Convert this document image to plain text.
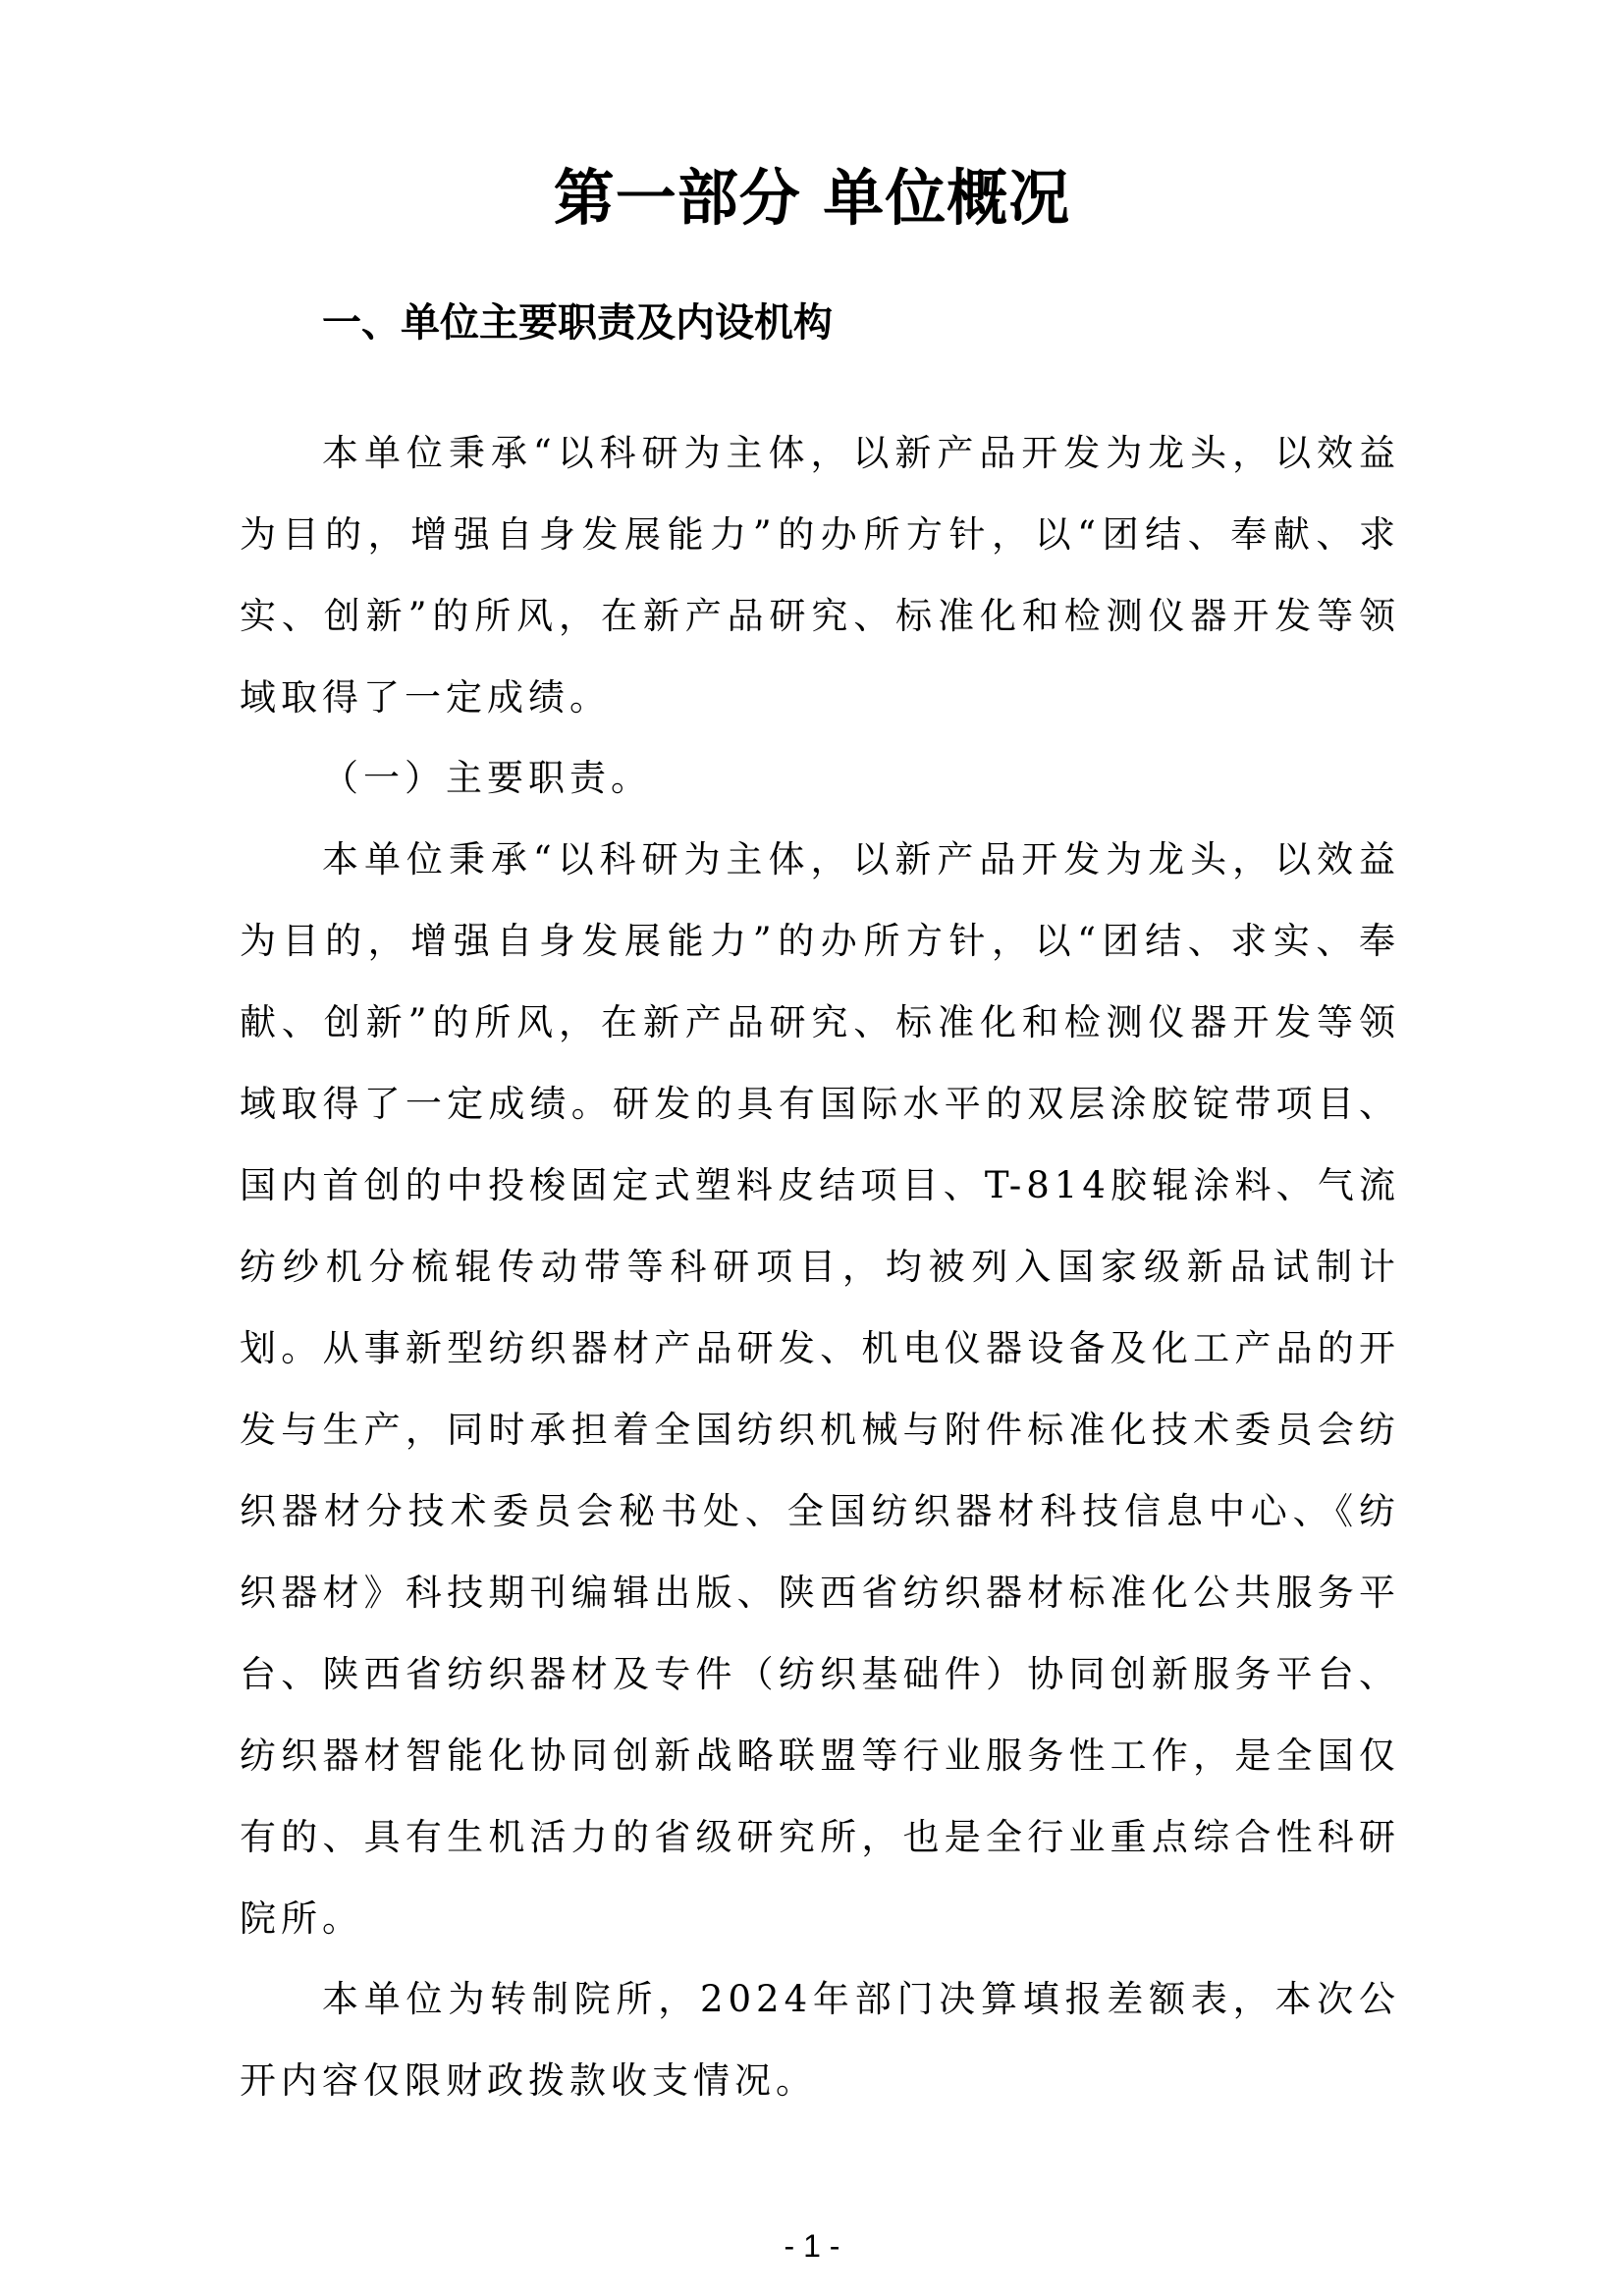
第一部分 单位概况
一、单位主要职责及内设机构

本单位秉承“以科研为主体，以新产品开发为龙头，以效益为目的，增强自身发展能力”的办所方针，以“团结、奉献、求实、创新”的所风，在新产品研究、标准化和检测仪器开发等领域取得了一定成绩。

（一）主要职责。

本单位秉承“以科研为主体，以新产品开发为龙头，以效益为目的，增强自身发展能力”的办所方针，以“团结、求实、奉献、创新”的所风，在新产品研究、标准化和检测仪器开发等领域取得了一定成绩。研发的具有国际水平的双层涂胶锭带项目、国内首创的中投梭固定式塑料皮结项目、T-814胶辊涂料、气流纺纱机分梳辊传动带等科研项目，均被列入国家级新品试制计划。从事新型纺织器材产品研发、机电仪器设备及化工产品的开发与生产，同时承担着全国纺织机械与附件标准化技术委员会纺织器材分技术委员会秘书处、全国纺织器材科技信息中心、《纺织器材》科技期刊编辑出版、陕西省纺织器材标准化公共服务平台、陕西省纺织器材及专件（纺织基础件）协同创新服务平台、纺织器材智能化协同创新战略联盟等行业服务性工作，是全国仅有的、具有生机活力的省级研究所，也是全行业重点综合性科研院所。

本单位为转制院所，2024年部门决算填报差额表，本次公开内容仅限财政拨款收支情况。

- 1 -
